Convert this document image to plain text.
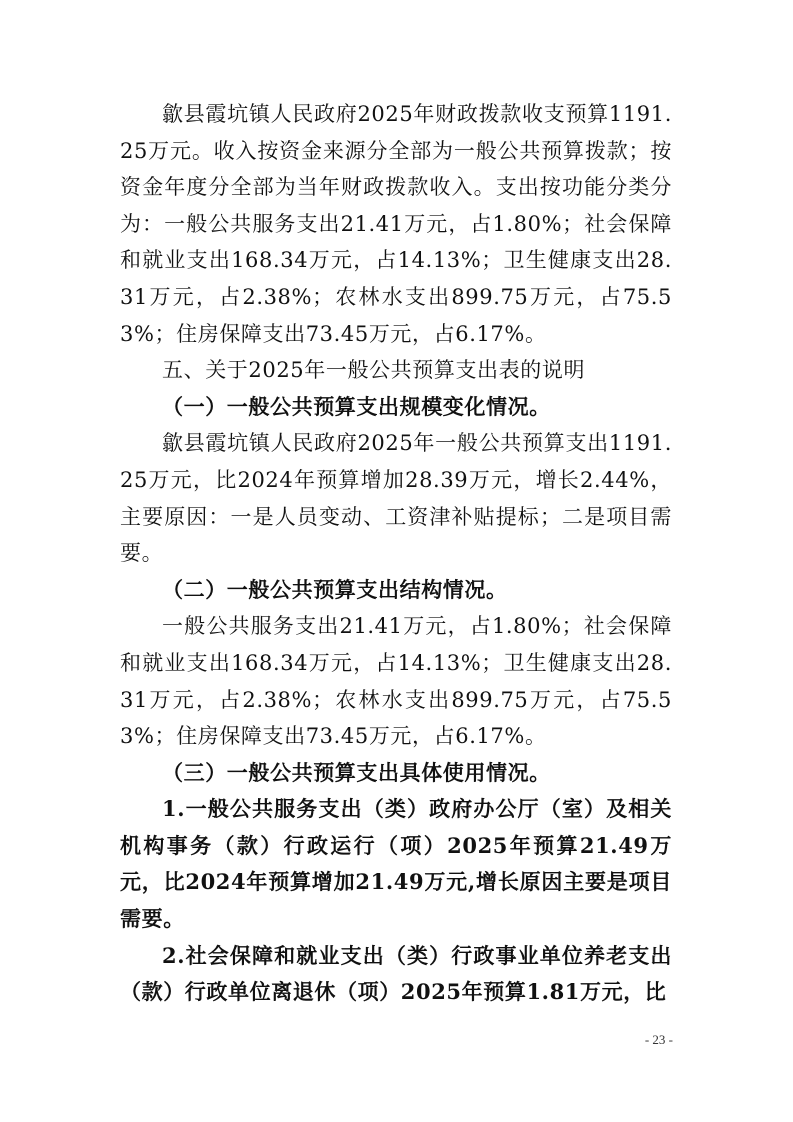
歙县霞坑镇人民政府2025年财政拨款收支预算1191.25万元。收入按资金来源分全部为一般公共预算拨款；按资金年度分全部为当年财政拨款收入。支出按功能分类分为：一般公共服务支出21.41万元，占1.80%；社会保障和就业支出168.34万元，占14.13%；卫生健康支出28.31万元，占2.38%；农林水支出899.75万元，占75.53%；住房保障支出73.45万元，占6.17%。

五、关于2025年一般公共预算支出表的说明

（一）一般公共预算支出规模变化情况。

歙县霞坑镇人民政府2025年一般公共预算支出1191.25万元，比2024年预算增加28.39万元，增长2.44%，主要原因：一是人员变动、工资津补贴提标；二是项目需要。

（二）一般公共预算支出结构情况。

一般公共服务支出21.41万元，占1.80%；社会保障和就业支出168.34万元，占14.13%；卫生健康支出28.31万元，占2.38%；农林水支出899.75万元，占75.53%；住房保障支出73.45万元，占6.17%。

（三）一般公共预算支出具体使用情况。

1.一般公共服务支出（类）政府办公厅（室）及相关机构事务（款）行政运行（项）2025年预算21.49万元，比2024年预算增加21.49万元,增长原因主要是项目需要。

2.社会保障和就业支出（类）行政事业单位养老支出（款）行政单位离退休（项）2025年预算1.81万元，比

- 23 -
